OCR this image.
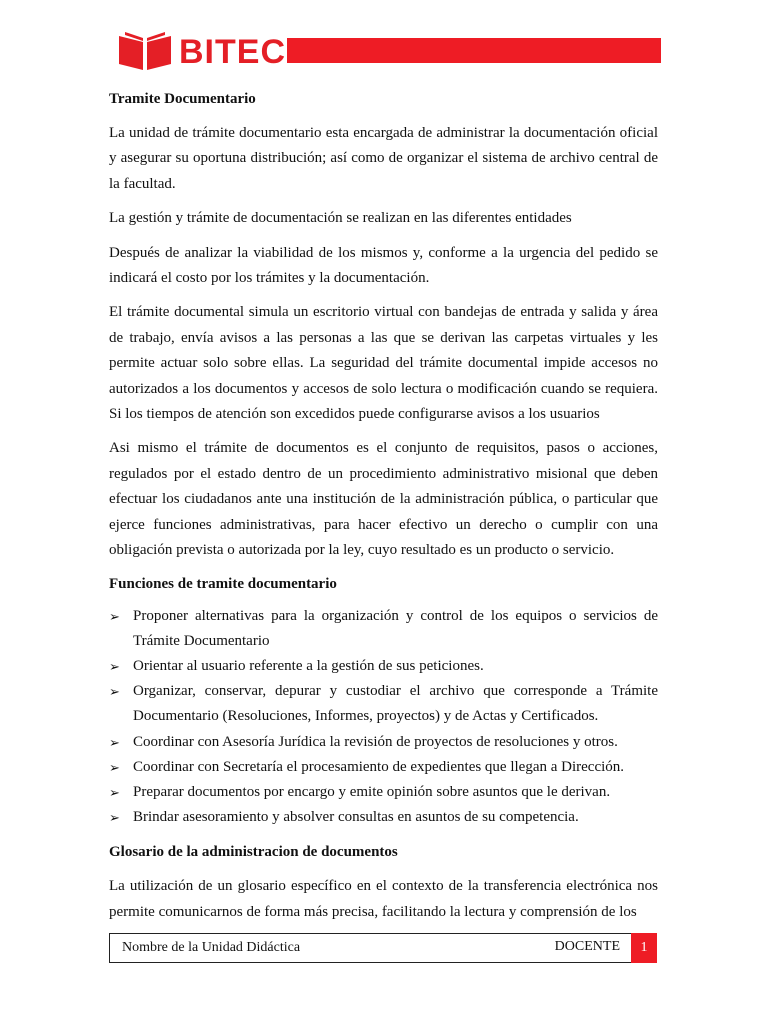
BITEC
Tramite Documentario

La unidad de trámite documentario esta encargada de administrar la documentación oficial y asegurar su oportuna distribución; así como de organizar el sistema de archivo central de la facultad.

La gestión y trámite de documentación se realizan en las diferentes entidades

Después de analizar la viabilidad de los mismos y, conforme a la urgencia del pedido se indicará el costo por los trámites y la documentación.

El trámite documental simula un escritorio virtual con bandejas de entrada y salida y área de trabajo, envía avisos a las personas a las que se derivan las carpetas virtuales y les permite actuar solo sobre ellas. La seguridad del trámite documental impide accesos no autorizados a los documentos y accesos de solo lectura o modificación cuando se requiera. Si los tiempos de atención son excedidos puede configurarse avisos a los usuarios

Asi mismo el trámite de documentos es el conjunto de requisitos, pasos o acciones, regulados por el estado dentro de un procedimiento administrativo misional que deben efectuar los ciudadanos ante una institución de la administración pública, o particular que ejerce funciones administrativas, para hacer efectivo un derecho o cumplir con una obligación prevista o autorizada por la ley, cuyo resultado es un producto o servicio.

Funciones de tramite documentario
➢ Proponer alternativas para la organización y control de los equipos o servicios de Trámite Documentario
➢ Orientar al usuario referente a la gestión de sus peticiones.
➢ Organizar, conservar, depurar y custodiar el archivo que corresponde a Trámite Documentario (Resoluciones, Informes, proyectos) y de Actas y Certificados.
➢ Coordinar con Asesoría Jurídica la revisión de proyectos de resoluciones y otros.
➢ Coordinar con Secretaría el procesamiento de expedientes que llegan a Dirección.
➢ Preparar documentos por encargo y emite opinión sobre asuntos que le derivan.
➢ Brindar asesoramiento y absolver consultas en asuntos de su competencia.
Glosario de la administracion de documentos

La utilización de un glosario específico en el contexto de la transferencia electrónica nos permite comunicarnos de forma más precisa, facilitando la lectura y comprensión de los

Nombre de la Unidad Didáctica	DOCENTE	1
